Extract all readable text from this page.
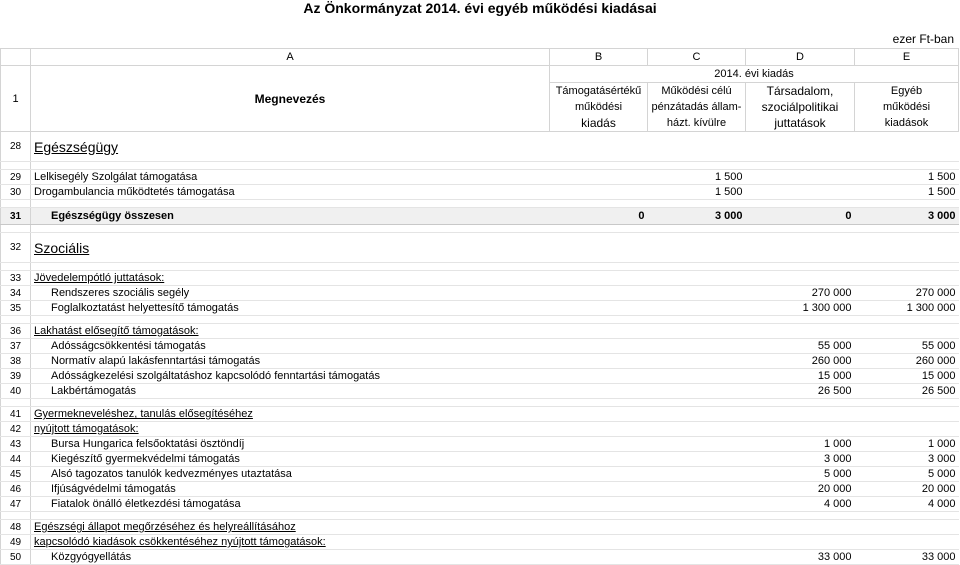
Az Önkormányzat 2014. évi egyéb működési kiadásai
ezer Ft-ban
	A	B	C	D	E
1	Megnevezés	2014. évi kiadás			
		Támogatásértékű	Működési célú	Társadalom,	Egyéb
		működési	pénzátadás állam-	szociálpolitikai	működési
		kiadás	házt. kívülre	juttatások	kiadások
28	Egészségügy				

29	Lelkisegély Szolgálat támogatása		1 500		1 500
30	Drogambulancia működtetés támogatása		1 500		1 500

31	Egészségügy összesen	0	3 000	0	3 000

32	Szociális				

33	Jövedelempótló juttatások:				
34	Rendszeres szociális segély			270 000	270 000
35	Foglalkoztatást helyettesítő támogatás			1 300 000	1 300 000

36	Lakhatást elősegítő támogatások:				
37	Adósságcsökkentési támogatás			55 000	55 000
38	Normatív alapú lakásfenntartási támogatás			260 000	260 000
39	Adósságkezelési szolgáltatáshoz kapcsolódó fenntartási támogatás			15 000	15 000
40	Lakbértámogatás			26 500	26 500

41	Gyermekneveléshez, tanulás elősegítéséhez				
42	nyújtott támogatások:				
43	Bursa Hungarica felsőoktatási ösztöndíj			1 000	1 000
44	Kiegészítő gyermekvédelmi támogatás			3 000	3 000
45	Alsó tagozatos tanulók kedvezményes utaztatása			5 000	5 000
46	Ifjúságvédelmi támogatás			20 000	20 000
47	Fiatalok önálló életkezdési támogatása			4 000	4 000

48	Egészségi állapot megőrzéséhez és helyreállításához				
49	kapcsolódó kiadások csökkentéséhez nyújtott támogatások:				
50	Közgyógyellátás			33 000	33 000
